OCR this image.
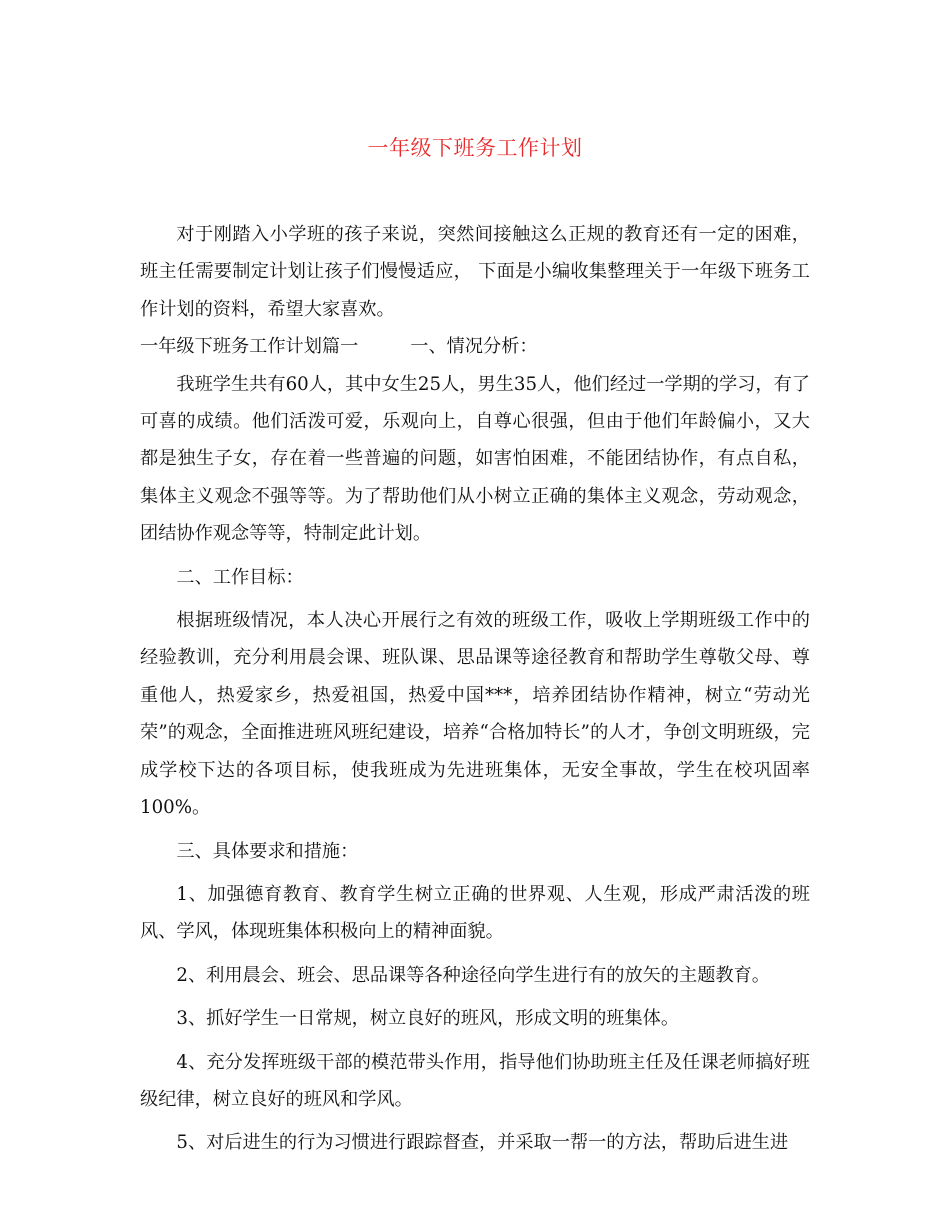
一年级下班务工作计划

对于刚踏入小学班的孩子来说，突然间接触这么正规的教育还有一定的困难，班主任需要制定计划让孩子们慢慢适应， 下面是小编收集整理关于一年级下班务工作计划的资料，希望大家喜欢。

一年级下班务工作计划篇一	一、情况分析：

我班学生共有60人，其中女生25人，男生35人，他们经过一学期的学习，有了可喜的成绩。他们活泼可爱，乐观向上，自尊心很强，但由于他们年龄偏小，又大都是独生子女，存在着一些普遍的问题，如害怕困难，不能团结协作，有点自私，集体主义观念不强等等。为了帮助他们从小树立正确的集体主义观念，劳动观念，团结协作观念等等，特制定此计划。

二、工作目标：

根据班级情况，本人决心开展行之有效的班级工作，吸收上学期班级工作中的经验教训，充分利用晨会课、班队课、思品课等途径教育和帮助学生尊敬父母、尊重他人，热爱家乡，热爱祖国，热爱中国***，培养团结协作精神，树立“劳动光荣”的观念，全面推进班风班纪建设，培养“合格加特长”的人才，争创文明班级，完成学校下达的各项目标，使我班成为先进班集体，无安全事故，学生在校巩固率100%。

三、具体要求和措施：

1、加强德育教育、教育学生树立正确的世界观、人生观，形成严肃活泼的班风、学风，体现班集体积极向上的精神面貌。

2、利用晨会、班会、思品课等各种途径向学生进行有的放矢的主题教育。

3、抓好学生一日常规，树立良好的班风，形成文明的班集体。

4、充分发挥班级干部的模范带头作用，指导他们协助班主任及任课老师搞好班级纪律，树立良好的班风和学风。

5、对后进生的行为习惯进行跟踪督查，并采取一帮一的方法，帮助后进生进
